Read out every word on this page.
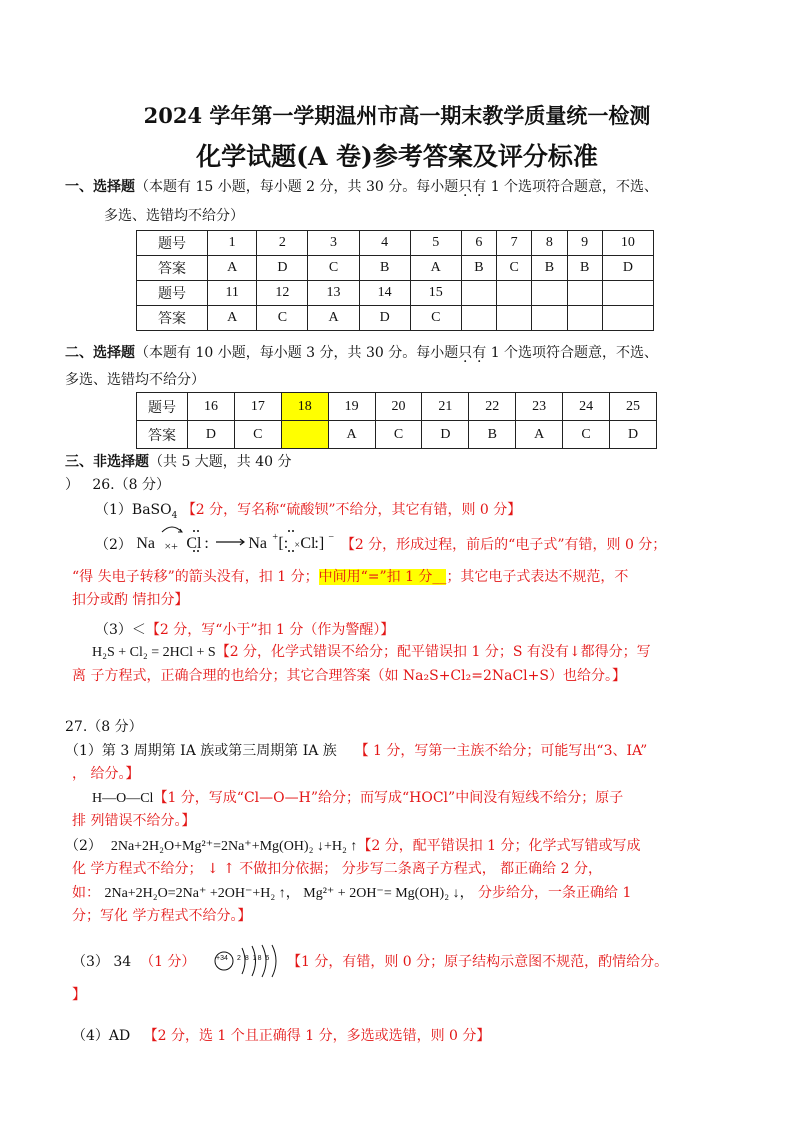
2024 学年第一学期温州市高一期末教学质量统一检测
化学试题(A 卷)参考答案及评分标准
一、选择题（本题有 15 小题，每小题 2 分，共 30 分。每小题只有 1 个选项符合题意，不选、
多选、选错均不给分）
题号	1	2	3	4	5	6	7	8	9	10
答案	A	D	C	B	A	B	C	B	B	D
题号	11	12	13	14	15					
答案	A	C	A	D	C					
二、选择题（本题有 10 小题，每小题 3 分，共 30 分。每小题只有 1 个选项符合题意，不选、
多选、选错均不给分）
题号	16	17	18	19	20	21	22	23	24	25
答案	D	C		A	C	D	B	A	C	D
三、非选择题（共 5 大题，共 40 分
） 26.（8 分）
（1）BaSO$_4$ 【2 分，写名称“硫酸钡”不给分，其它有错，则 0 分】
（2） Na ×+ Cl : Na + [: × Cl
:] − 【2 分，形成过程，前后的“电子式”有错，则 0 分；
“得 失电子转移”的箭头没有，扣 1 分；中间用“=”扣 1 分__；其它电子式表达不规范，不
扣分或酌 情扣分】
（3）＜【2 分，写“小于”扣 1 分（作为警醒）】
H₂S + Cl₂ = 2HCl + S【2 分，化学式错误不给分；配平错误扣 1 分；S 有没有↓都得分；写
离 子方程式，正确合理的也给分；其它合理答案（如 Na₂S+Cl₂=2NaCl+S）也给分。】
27.（8 分）
（1）第 3 周期第 IA 族或第三周期第 IA 族 【 1 分，写第一主族不给分；可能写出“3、IA”
， 给分。】
H—O—Cl【1 分，写成“Cl—O—H”给分；而写成“HOCl”中间没有短线不给分；原子
排 列错误不给分。】
（2） 2Na+2H₂O+Mg²⁺=2Na⁺+Mg(OH)₂ ↓+H₂ ↑【2 分，配平错误扣 1 分；化学式写错或写成
化 学方程式不给分； ↓ ↑ 不做扣分依据； 分步写二条离子方程式， 都正确给 2 分，
如： 2Na+2H₂O=2Na⁺ +2OH⁻+H₂ ↑， Mg²⁺ + 2OH⁻= Mg(OH)₂ ↓， 分步给分，一条正确给 1
分；写化 学方程式不给分。】
（3） 34 （1 分）	+34 2 8 18 6 【1 分，有错，则 0 分；原子结构示意图不规范，酌情给分。
】
（4）AD 【2 分，选 1 个且正确得 1 分，多选或选错，则 0 分】
